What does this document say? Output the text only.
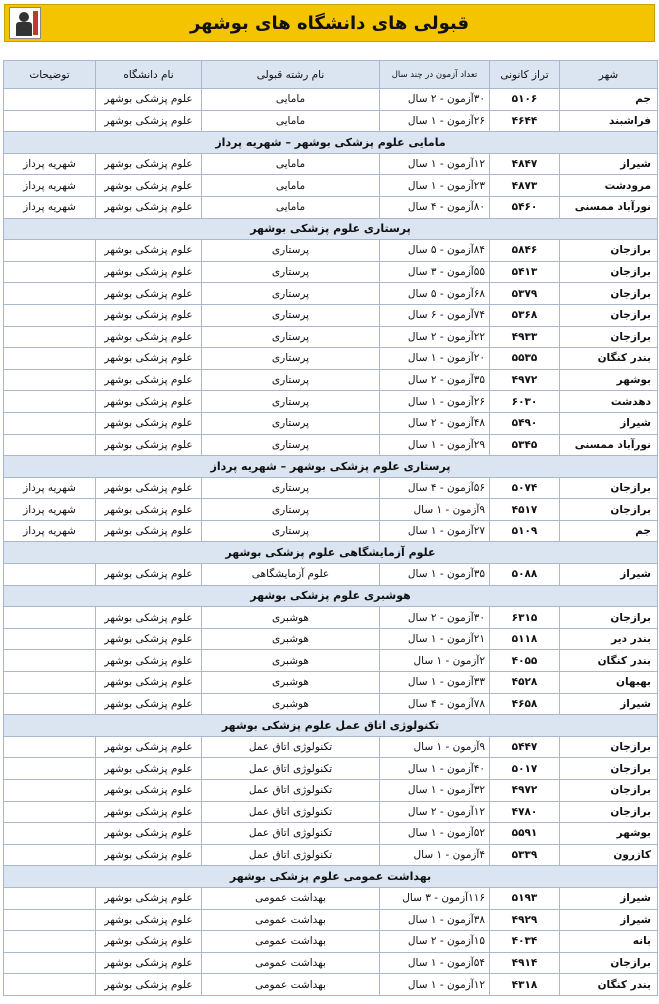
قبولی های دانشگاه های بوشهر
شهر	تراز کانونی	تعداد آزمون در چند سال	نام رشته قبولی	نام دانشگاه	توضیحات
جم	۵۱۰۶	۳۰آزمون - ۲ سال	مامایی	علوم پزشکی بوشهر	
فراشبند	۴۶۴۴	۲۶آزمون - ۱ سال	مامایی	علوم پزشکی بوشهر	
مامایی علوم پزشکی بوشهر – شهریه پرداز					
شیراز	۴۸۴۷	۱۲آزمون - ۱ سال	مامایی	علوم پزشکی بوشهر	شهریه پرداز
مرودشت	۴۸۷۳	۲۳آزمون - ۱ سال	مامایی	علوم پزشکی بوشهر	شهریه پرداز
نورآباد ممسنی	۵۴۶۰	۸۰آزمون - ۴ سال	مامایی	علوم پزشکی بوشهر	شهریه پرداز
پرستاری علوم پزشکی بوشهر					
برازجان	۵۸۴۶	۸۴آزمون - ۵ سال	پرستاری	علوم پزشکی بوشهر	
برازجان	۵۴۱۳	۵۵آزمون - ۳ سال	پرستاری	علوم پزشکی بوشهر	
برازجان	۵۳۷۹	۶۸آزمون - ۵ سال	پرستاری	علوم پزشکی بوشهر	
برازجان	۵۳۶۸	۷۴آزمون - ۶ سال	پرستاری	علوم پزشکی بوشهر	
برازجان	۴۹۳۳	۲۲آزمون - ۲ سال	پرستاری	علوم پزشکی بوشهر	
بندر کنگان	۵۵۳۵	۲۰آزمون - ۱ سال	پرستاری	علوم پزشکی بوشهر	
بوشهر	۴۹۷۲	۳۵آزمون - ۲ سال	پرستاری	علوم پزشکی بوشهر	
دهدشت	۶۰۳۰	۲۶آزمون - ۱ سال	پرستاری	علوم پزشکی بوشهر	
شیراز	۵۴۹۰	۴۸آزمون - ۲ سال	پرستاری	علوم پزشکی بوشهر	
نورآباد ممسنی	۵۳۴۵	۲۹آزمون - ۱ سال	پرستاری	علوم پزشکی بوشهر	
پرستاری علوم پزشکی بوشهر – شهریه پرداز					
برازجان	۵۰۷۴	۵۶آزمون - ۴ سال	پرستاری	علوم پزشکی بوشهر	شهریه پرداز
برازجان	۴۵۱۷	۹آزمون - ۱ سال	پرستاری	علوم پزشکی بوشهر	شهریه پرداز
جم	۵۱۰۹	۲۷آزمون - ۱ سال	پرستاری	علوم پزشکی بوشهر	شهریه پرداز
علوم آزمایشگاهی علوم پزشکی بوشهر					
شیراز	۵۰۸۸	۳۵آزمون - ۱ سال	علوم آزمایشگاهی	علوم پزشکی بوشهر	
هوشبری علوم پزشکی بوشهر					
برازجان	۶۳۱۵	۳۰آزمون - ۲ سال	هوشبری	علوم پزشکی بوشهر	
بندر دیر	۵۱۱۸	۲۱آزمون - ۱ سال	هوشبری	علوم پزشکی بوشهر	
بندر کنگان	۴۰۵۵	۲آزمون - ۱ سال	هوشبری	علوم پزشکی بوشهر	
بهبهان	۴۵۲۸	۳۳آزمون - ۱ سال	هوشبری	علوم پزشکی بوشهر	
شیراز	۴۶۵۸	۷۸آزمون - ۴ سال	هوشبری	علوم پزشکی بوشهر	
تکنولوژی اتاق عمل علوم پزشکی بوشهر					
برازجان	۵۴۴۷	۹آزمون - ۱ سال	تکنولوژی اتاق عمل	علوم پزشکی بوشهر	
برازجان	۵۰۱۷	۴۰آزمون - ۱ سال	تکنولوژی اتاق عمل	علوم پزشکی بوشهر	
برازجان	۴۹۷۲	۳۲آزمون - ۱ سال	تکنولوژی اتاق عمل	علوم پزشکی بوشهر	
برازجان	۴۷۸۰	۱۲آزمون - ۲ سال	تکنولوژی اتاق عمل	علوم پزشکی بوشهر	
بوشهر	۵۵۹۱	۵۲آزمون - ۱ سال	تکنولوژی اتاق عمل	علوم پزشکی بوشهر	
کازرون	۵۳۳۹	۴آزمون - ۱ سال	تکنولوژی اتاق عمل	علوم پزشکی بوشهر	
بهداشت عمومی علوم پزشکی بوشهر					
شیراز	۵۱۹۳	۱۱۶آزمون - ۳ سال	بهداشت عمومی	علوم پزشکی بوشهر	
شیراز	۴۹۲۹	۳۸آزمون - ۱ سال	بهداشت عمومی	علوم پزشکی بوشهر	
بانه	۴۰۳۴	۱۵آزمون - ۲ سال	بهداشت عمومی	علوم پزشکی بوشهر	
برازجان	۴۹۱۴	۵۴آزمون - ۱ سال	بهداشت عمومی	علوم پزشکی بوشهر	
بندر کنگان	۴۳۱۸	۱۲آزمون - ۱ سال	بهداشت عمومی	علوم پزشکی بوشهر	
